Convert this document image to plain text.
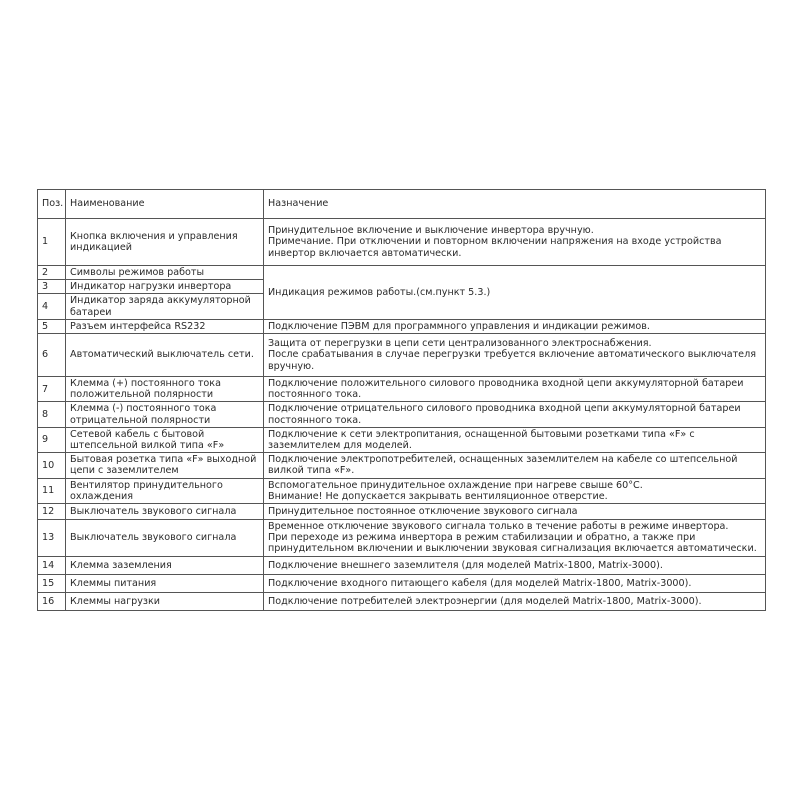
Поз.	Наименование	Назначение
1	Кнопка включения и управления индикацией	Принудительное включение и выключение инвертора вручную.
Примечание. При отключении и повторном включении напряжения на входе устройства инвертор включается автоматически.

2	Символы режимов работы	Индикация режимов работы.(см.пункт 5.3.)
3	Индикатор нагрузки инвертора	
4	Индикатор заряда аккумуляторной батареи	
5	Разъем интерфейса RS232	Подключение ПЭВМ для программного управления и индикации режимов.
6	Автоматический выключатель сети.	Защита от перегрузки в цепи сети централизованного электроснабжения.
После срабатывания в случае перегрузки требуется включение автоматического выключателя вручную.

7	Клемма (+) постоянного тока положительной полярности	Подключение положительного силового проводника входной цепи аккумуляторной батареи постоянного тока.
8	Клемма (-) постоянного тока отрицательной полярности	Подключение отрицательного силового проводника входной цепи аккумуляторной батареи постоянного тока.
9	Сетевой кабель с бытовой штепсельной вилкой типа «F»	Подключение к сети электропитания, оснащенной бытовыми розетками типа «F» с заземлителем для моделей.
10	Бытовая розетка типа «F» выходной цепи с заземлителем	Подключение электропотребителей, оснащенных заземлителем на кабеле со штепсельной вилкой типа «F».
11	Вентилятор принудительного охлаждения	Вспомогательное принудительное охлаждение при нагреве свыше 60°С.
Внимание! Не допускается закрывать вентиляционное отверстие.

12	Выключатель звукового сигнала	Принудительное постоянное отключение звукового сигнала
13	Выключатель звукового сигнала	Временное отключение звукового сигнала только в течение работы в режиме инвертора.
При переходе из режима инвертора в режим стабилизации и обратно, а также при принудительном включении и выключении звуковая сигнализация включается автоматически.

14	Клемма заземления	Подключение внешнего заземлителя (для моделей Matrix-1800, Matrix-3000).
15	Клеммы питания	Подключение входного питающего кабеля (для моделей Matrix-1800, Matrix-3000).
16	Клеммы нагрузки	Подключение потребителей электроэнергии (для моделей Matrix-1800, Matrix-3000).
